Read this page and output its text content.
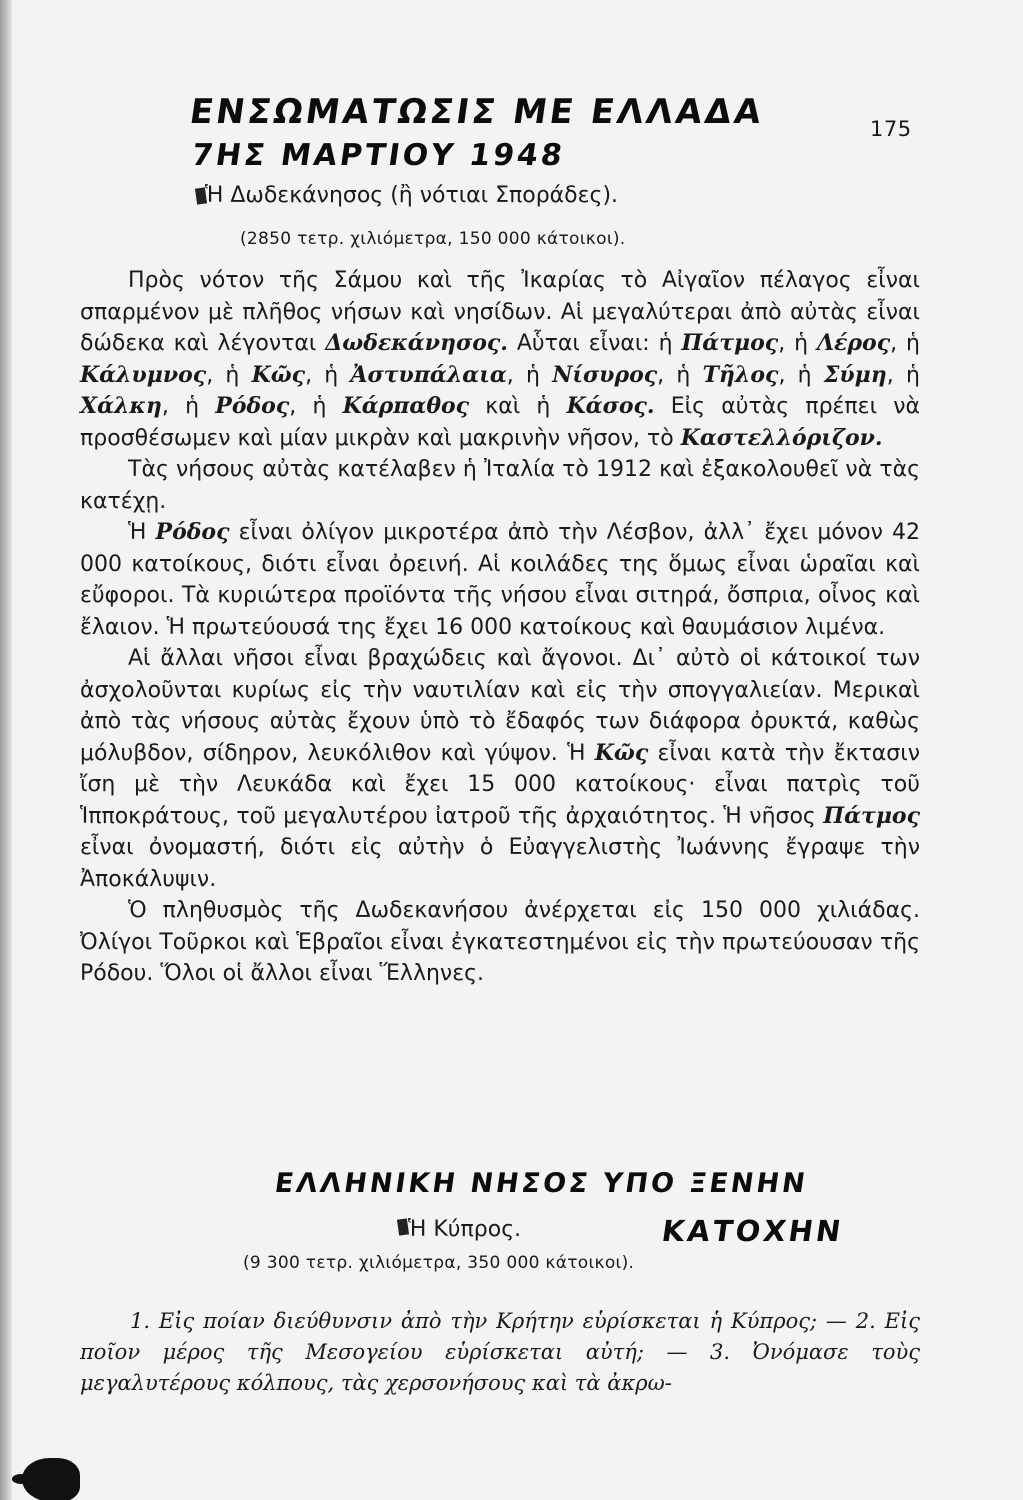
175
ΕΝΣΩΜΑΤΩΣΙΣ ΜΕ ΕΛΛΑΔΑ
7ΗΣ ΜΑΡΤΙΟΥ 1948
Ἡ Δωδεκάνησος (ἢ νότιαι Σποράδες).
(2850 τετρ. χιλιόμετρα, 150 000 κάτοικοι).

Πρὸς νότον τῆς Σάμου καὶ τῆς Ἰκαρίας τὸ Αἰγαῖον πέλαγος εἶναι σπαρμένον μὲ πλῆθος νήσων καὶ νησίδων. Αἱ μεγαλύτεραι ἀπὸ αὐτὰς εἶναι δώδεκα καὶ λέγονται Δωδεκάνησος. Αὗται εἶναι: ἡ Πάτμος, ἡ Λέρος, ἡ Κάλυμνος, ἡ Κῶς, ἡ Ἀστυπάλαια, ἡ Νίσυρος, ἡ Τῆλος, ἡ Σύμη, ἡ Χάλκη, ἡ Ρόδος, ἡ Κάρπαθος καὶ ἡ Κάσος. Εἰς αὐτὰς πρέπει νὰ προσθέσωμεν καὶ μίαν μικρὰν καὶ μακρινὴν νῆσον, τὸ Καστελλόριζον.

Τὰς νήσους αὐτὰς κατέλαβεν ἡ Ἰταλία τὸ 1912 καὶ ἐξακολουθεῖ νὰ τὰς κατέχῃ.

Ἡ Ρόδος εἶναι ὀλίγον μικροτέρα ἀπὸ τὴν Λέσβον, ἀλλ᾽ ἔχει μόνον 42 000 κατοίκους, διότι εἶναι ὀρεινή. Αἱ κοιλάδες της ὅμως εἶναι ὡραῖαι καὶ εὔφοροι. Τὰ κυριώτερα προϊόντα τῆς νήσου εἶναι σιτηρά, ὄσπρια, οἶνος καὶ ἔλαιον. Ἡ πρωτεύουσά της ἔχει 16 000 κατοίκους καὶ θαυμάσιον λιμένα.

Αἱ ἄλλαι νῆσοι εἶναι βραχώδεις καὶ ἄγονοι. Δι᾽ αὐτὸ οἱ κάτοικοί των ἀσχολοῦνται κυρίως εἰς τὴν ναυτιλίαν καὶ εἰς τὴν σπογγαλιείαν. Μερικαὶ ἀπὸ τὰς νήσους αὐτὰς ἔχουν ὑπὸ τὸ ἔδαφός των διάφορα ὀρυκτά, καθὼς μόλυβδον, σίδηρον, λευκόλιθον καὶ γύψον. Ἡ Κῶς εἶναι κατὰ τὴν ἔκτασιν ἴση μὲ τὴν Λευκάδα καὶ ἔχει 15 000 κατοίκους· εἶναι πατρὶς τοῦ Ἱπποκράτους, τοῦ μεγαλυτέρου ἰατροῦ τῆς ἀρχαιότητος. Ἡ νῆσος Πάτμος εἶναι ὀνομαστή, διότι εἰς αὐτὴν ὁ Εὐαγγελιστὴς Ἰωάννης ἔγραψε τὴν Ἀποκάλυψιν.

Ὁ πληθυσμὸς τῆς Δωδεκανήσου ἀνέρχεται εἰς 150 000 χιλιάδας. Ὀλίγοι Τοῦρκοι καὶ Ἑβραῖοι εἶναι ἐγκατεστημένοι εἰς τὴν πρωτεύουσαν τῆς Ρόδου. Ὅλοι οἱ ἄλλοι εἶναι Ἕλληνες.

ΕΛΛΗΝΙΚΗ ΝΗΣΟΣ ΥΠΟ ΞΕΝΗΝ
ΚΑΤΟΧΗΝ
Ἡ Κύπρος.
(9 300 τετρ. χιλιόμετρα, 350 000 κάτοικοι).

1. Εἰς ποίαν διεύθυνσιν ἀπὸ τὴν Κρήτην εὑρίσκεται ἡ Κύπρος; — 2. Εἰς ποῖον μέρος τῆς Μεσογείου εὑρίσκεται αὐτή; — 3. Ὀνόμασε τοὺς μεγαλυτέρους κόλπους, τὰς χερσονήσους καὶ τὰ ἀκρω-
